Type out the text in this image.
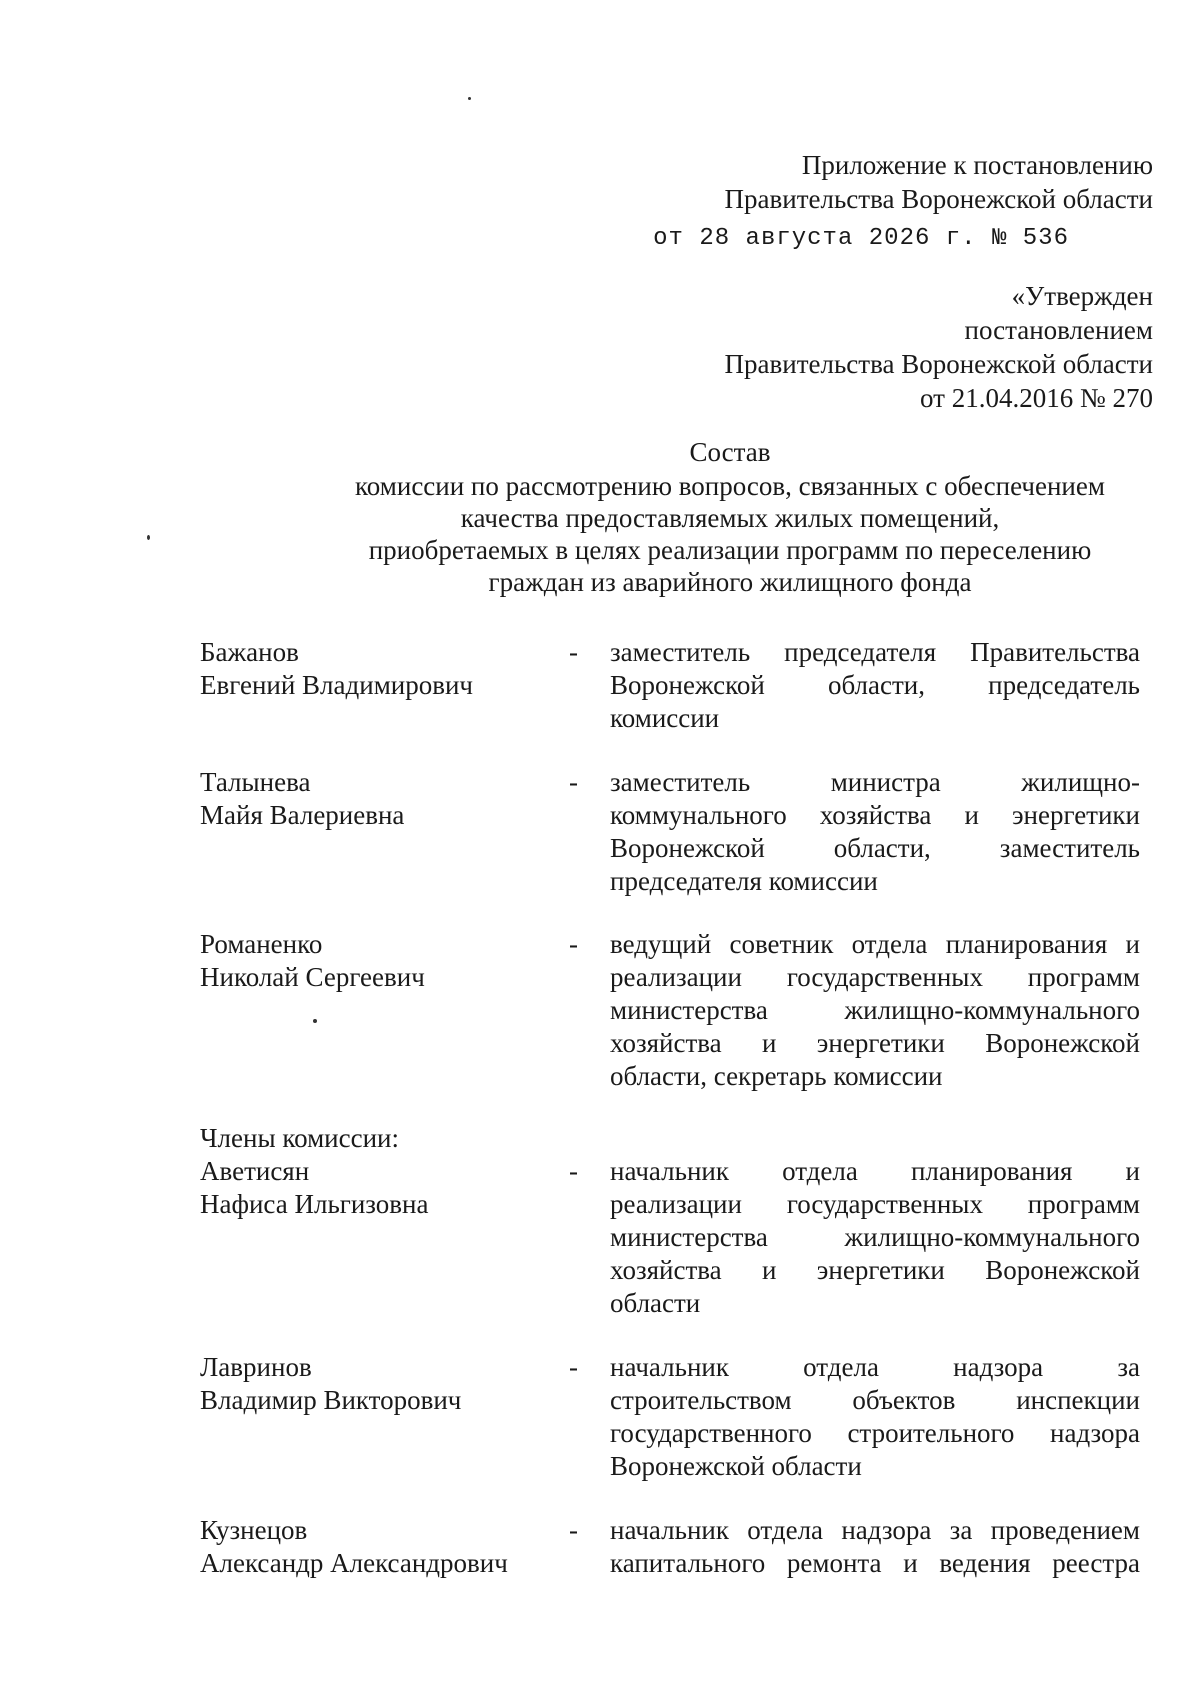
Приложение к постановлению
Правительства Воронежской области
от 28 августа 2026 г. № 536
«Утвержден
постановлением
Правительства Воронежской области
от 21.04.2016 № 270
Состав
комиссии по рассмотрению вопросов, связанных с обеспечением
качества предоставляемых жилых помещений,
приобретаемых в целях реализации программ по переселению
граждан из аварийного жилищного фонда
Бажанов
Евгений Владимирович
- заместитель председателя Правительства
Воронежской области, председатель
комиссии
Талынева
Майя Валериевна
- заместитель министра жилищно-
коммунального хозяйства и энергетики
Воронежской области, заместитель
председателя комиссии
Романенко
Николай Сергеевич
- ведущий советник отдела планирования и
реализации государственных программ
министерства жилищно-коммунального
хозяйства и энергетики Воронежской
области, секретарь комиссии
Члены комиссии:
Аветисян
Нафиса Ильгизовна
- начальник отдела планирования и
реализации государственных программ
министерства жилищно-коммунального
хозяйства и энергетики Воронежской
области
Лавринов
Владимир Викторович
- начальник отдела надзора за
строительством объектов инспекции
государственного строительного надзора
Воронежской области
Кузнецов
Александр Александрович
- начальник отдела надзора за проведением
капитального ремонта и ведения реестра
